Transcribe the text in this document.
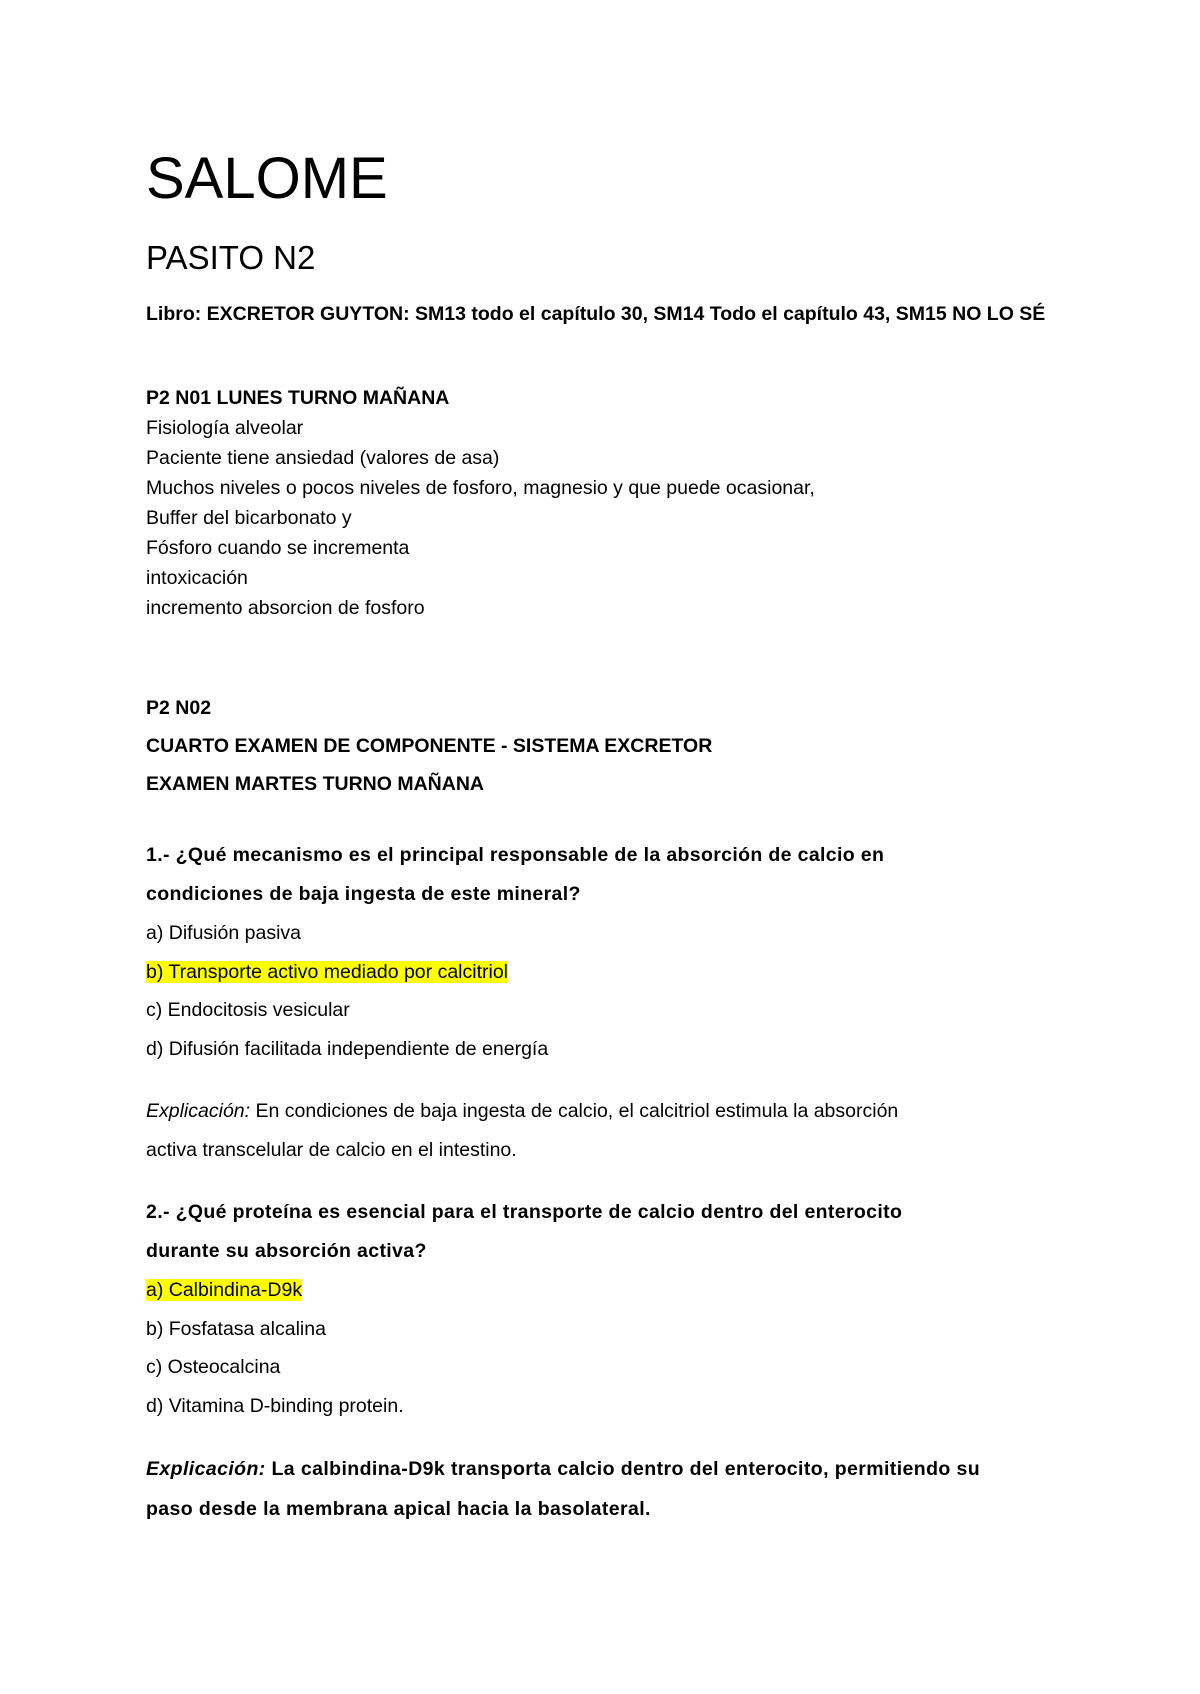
SALOME
PASITO N2
Libro: EXCRETOR GUYTON: SM13 todo el capítulo 30, SM14 Todo el capítulo 43, SM15 NO LO SÉ
P2 N01 LUNES TURNO MAÑANA
Fisiología alveolar
Paciente tiene ansiedad (valores de asa)
Muchos niveles o pocos niveles de fosforo, magnesio y que puede ocasionar,
Buffer del bicarbonato y
Fósforo cuando se incrementa
intoxicación
incremento absorcion de fosforo
P2 N02
CUARTO EXAMEN DE COMPONENTE - SISTEMA EXCRETOR
EXAMEN MARTES TURNO MAÑANA
1.- ¿Qué mecanismo es el principal responsable de la absorción de calcio en
condiciones de baja ingesta de este mineral?
a) Difusión pasiva
b) Transporte activo mediado por calcitriol
c) Endocitosis vesicular
d) Difusión facilitada independiente de energía
Explicación: En condiciones de baja ingesta de calcio, el calcitriol estimula la absorción
activa transcelular de calcio en el intestino.
2.- ¿Qué proteína es esencial para el transporte de calcio dentro del enterocito
durante su absorción activa?
a) Calbindina-D9k
b) Fosfatasa alcalina
c) Osteocalcina
d) Vitamina D-binding protein.
Explicación: La calbindina-D9k transporta calcio dentro del enterocito, permitiendo su
paso desde la membrana apical hacia la basolateral.
